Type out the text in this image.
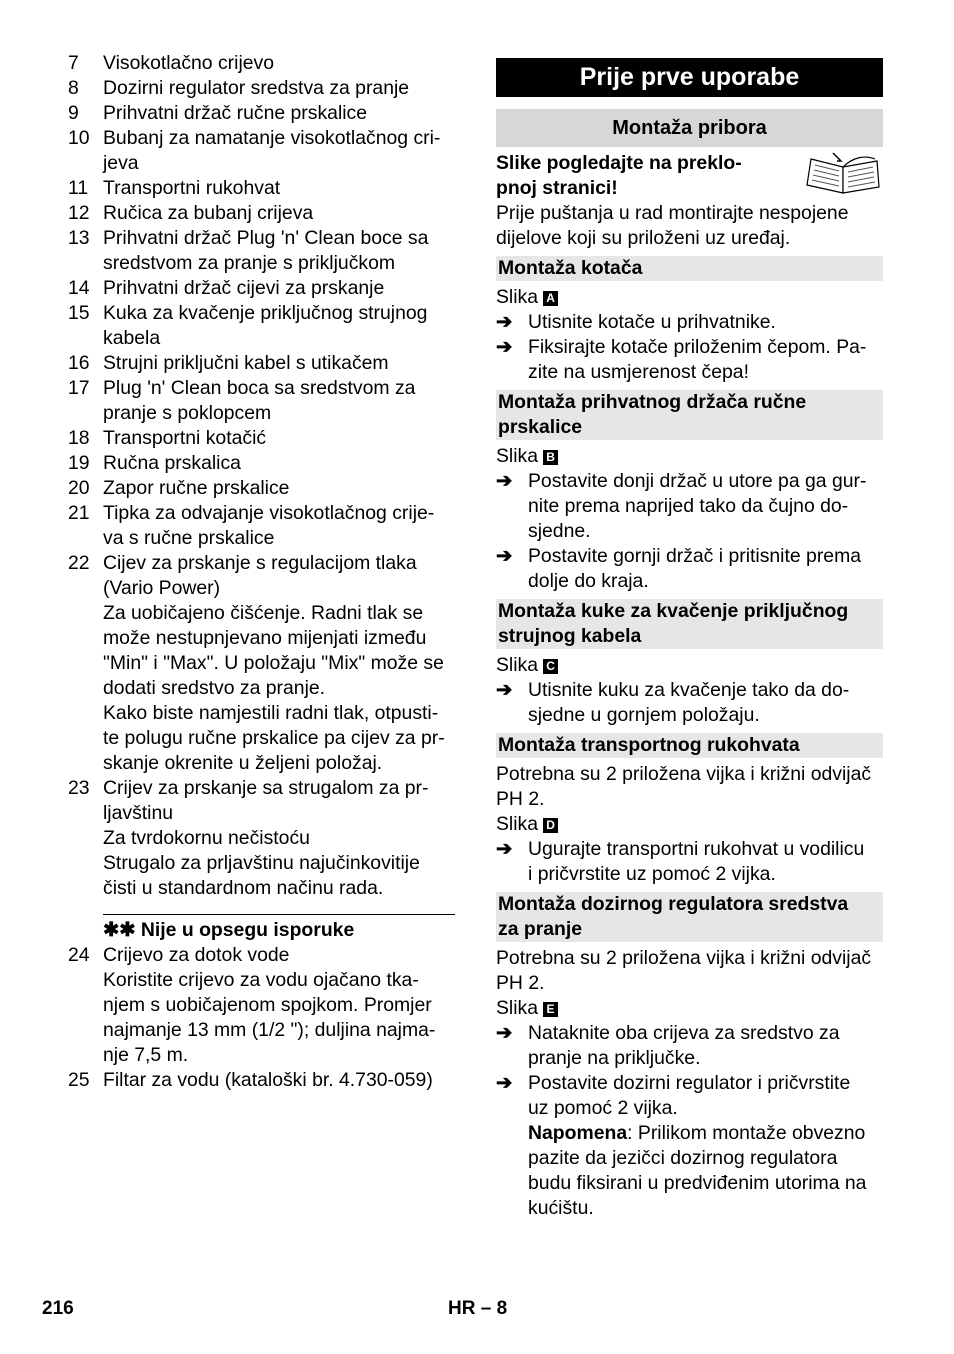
7	Visokotlačno crijevo
8	Dozirni regulator sredstva za pranje
9	Prihvatni držač ručne prskalice
10 Bubanj za namatanje visokotlačnog cri-
jeva
11 Transportni rukohvat
12 Ručica za bubanj crijeva
13 Prihvatni držač Plug 'n' Clean boce sa
sredstvom za pranje s priključkom
14 Prihvatni držač cijevi za prskanje
15 Kuka za kvačenje priključnog strujnog
kabela
16 Strujni priključni kabel s utikačem
17 Plug 'n' Clean boca sa sredstvom za
pranje s poklopcem
18 Transportni kotačić
19 Ručna prskalica
20 Zapor ručne prskalice
21 Tipka za odvajanje visokotlačnog crije-
va s ručne prskalice
22 Cijev za prskanje s regulacijom tlaka
(Vario Power)
Za uobičajeno čišćenje. Radni tlak se
može nestupnjevano mijenjati između
"Min" i "Max". U položaju "Mix" može se
dodati sredstvo za pranje.
Kako biste namjestili radni tlak, otpusti-
te polugu ručne prskalice pa cijev za pr-
skanje okrenite u željeni položaj.
23 Crijev za prskanje sa strugalom za pr-
ljavštinu
Za tvrdokornu nečistoću
Strugalo za prljavštinu najučinkovitije
čisti u standardnom načinu rada.
✱✱ Nije u opsegu isporuke
24 Crijevo za dotok vode
Koristite crijevo za vodu ojačano tka-
njem s uobičajenom spojkom. Promjer
najmanje 13 mm (1/2 "); duljina najma-
nje 7,5 m.
25 Filtar za vodu (kataloški br. 4.730-059)
Prije prve uporabe
Montaža pribora
Slike pogledajte na preklo-
pnoj stranici!
Prije puštanja u rad montirajte nespojene
dijelove koji su priloženi uz uređaj.
Montaža kotača
Slika A
➔ Utisnite kotače u prihvatnike.
➔ Fiksirajte kotače priloženim čepom. Pa-
zite na usmjerenost čepa!
Montaža prihvatnog držača ručne
prskalice
Slika B
➔ Postavite donji držač u utore pa ga gur-
nite prema naprijed tako da čujno do-
sjedne.
➔ Postavite gornji držač i pritisnite prema
dolje do kraja.
Montaža kuke za kvačenje priključnog
strujnog kabela
Slika C
➔ Utisnite kuku za kvačenje tako da do-
sjedne u gornjem položaju.
Montaža transportnog rukohvata
Potrebna su 2 priložena vijka i križni odvijač
PH 2.
Slika D
➔ Ugurajte transportni rukohvat u vodilicu
i pričvrstite uz pomoć 2 vijka.
Montaža dozirnog regulatora sredstva
za pranje
Potrebna su 2 priložena vijka i križni odvijač
PH 2.
Slika E
➔ Nataknite oba crijeva za sredstvo za
pranje na priključke.
➔ Postavite dozirni regulator i pričvrstite
uz pomoć 2 vijka.
Napomena: Prilikom montaže obvezno
pazite da jezičci dozirnog regulatora
budu fiksirani u predviđenim utorima na
kućištu.
216	HR – 8
